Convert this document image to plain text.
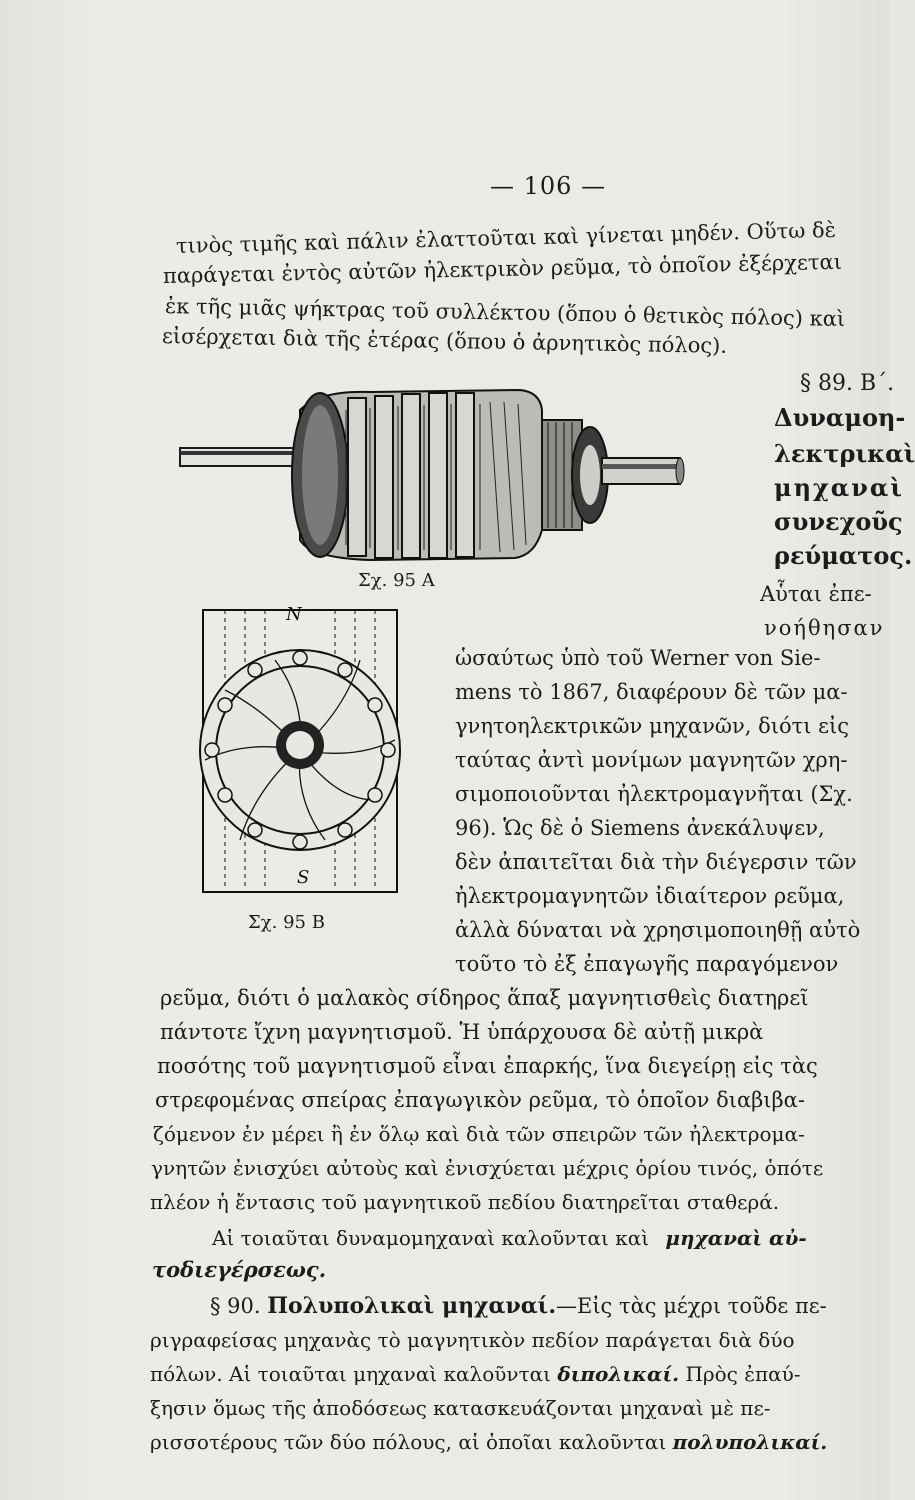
— 106 —
τινὸς τιμῆς καὶ πάλιν ἐλαττοῦται καὶ γίνεται μηδέν. Οὕτω δὲ
παράγεται ἐντὸς αὐτῶν ἠλεκτρικὸν ρεῦμα, τὸ ὁποῖον ἐξέρχεται
ἐκ τῆς μιᾶς ψήκτρας τοῦ συλλέκτου (ὅπου ὁ θετικὸς πόλος) καὶ
εἰσέρχεται διὰ τῆς ἑτέρας (ὅπου ὁ ἀρνητικὸς πόλος).
Σχ. 95 Α
§ 89. Β΄.
Δυναμοη-
λεκτρικαὶ
μηχαναὶ
συνεχοῦς
ρεύματος.
Αὗται ἐπε-
νοήθησαν
N
S
Σχ. 95 Β
ὡσαύτως ὑπὸ τοῦ Werner von Sie-
mens τὸ 1867, διαφέρουν δὲ τῶν μα-
γνητοηλεκτρικῶν μηχανῶν, διότι εἰς
ταύτας ἀντὶ μονίμων μαγνητῶν χρη-
σιμοποιοῦνται ἠλεκτρομαγνῆται (Σχ.
96). Ὡς δὲ ὁ Siemens ἀνεκάλυψεν,
δὲν ἀπαιτεῖται διὰ τὴν διέγερσιν τῶν
ἠλεκτρομαγνητῶν ἰδιαίτερον ρεῦμα,
ἀλλὰ δύναται νὰ χρησιμοποιηθῇ αὐτὸ
τοῦτο τὸ ἐξ ἐπαγωγῆς παραγόμενον
ρεῦμα, διότι ὁ μαλακὸς σίδηρος ἅπαξ μαγνητισθεὶς διατηρεῖ
πάντοτε ἴχνη μαγνητισμοῦ. Ἡ ὑπάρχουσα δὲ αὐτῇ μικρὰ
ποσότης τοῦ μαγνητισμοῦ εἶναι ἐπαρκής, ἵνα διεγείρῃ εἰς τὰς
στρεφομένας σπείρας ἐπαγωγικὸν ρεῦμα, τὸ ὁποῖον διαβιβα-
ζόμενον ἐν μέρει ἢ ἐν ὅλῳ καὶ διὰ τῶν σπειρῶν τῶν ἠλεκτρομα-
γνητῶν ἐνισχύει αὐτοὺς καὶ ἐνισχύεται μέχρις ὁρίου τινός, ὁπότε
πλέον ἡ ἔντασις τοῦ μαγνητικοῦ πεδίου διατηρεῖται σταθερά.
Αἱ τοιαῦται δυναμομηχαναὶ καλοῦνται καὶ μηχαναὶ αὐ-
τοδιεγέρσεως.
§ 90. Πολυπολικαὶ μηχαναί.—Εἰς τὰς μέχρι τοῦδε πε-
ριγραφείσας μηχανὰς τὸ μαγνητικὸν πεδίον παράγεται διὰ δύο
πόλων. Αἱ τοιαῦται μηχαναὶ καλοῦνται διπολικαί. Πρὸς ἐπαύ-
ξησιν ὅμως τῆς ἀποδόσεως κατασκευάζονται μηχαναὶ μὲ πε-
ρισσοτέρους τῶν δύο πόλους, αἱ ὁποῖαι καλοῦνται πολυπολικαί.
